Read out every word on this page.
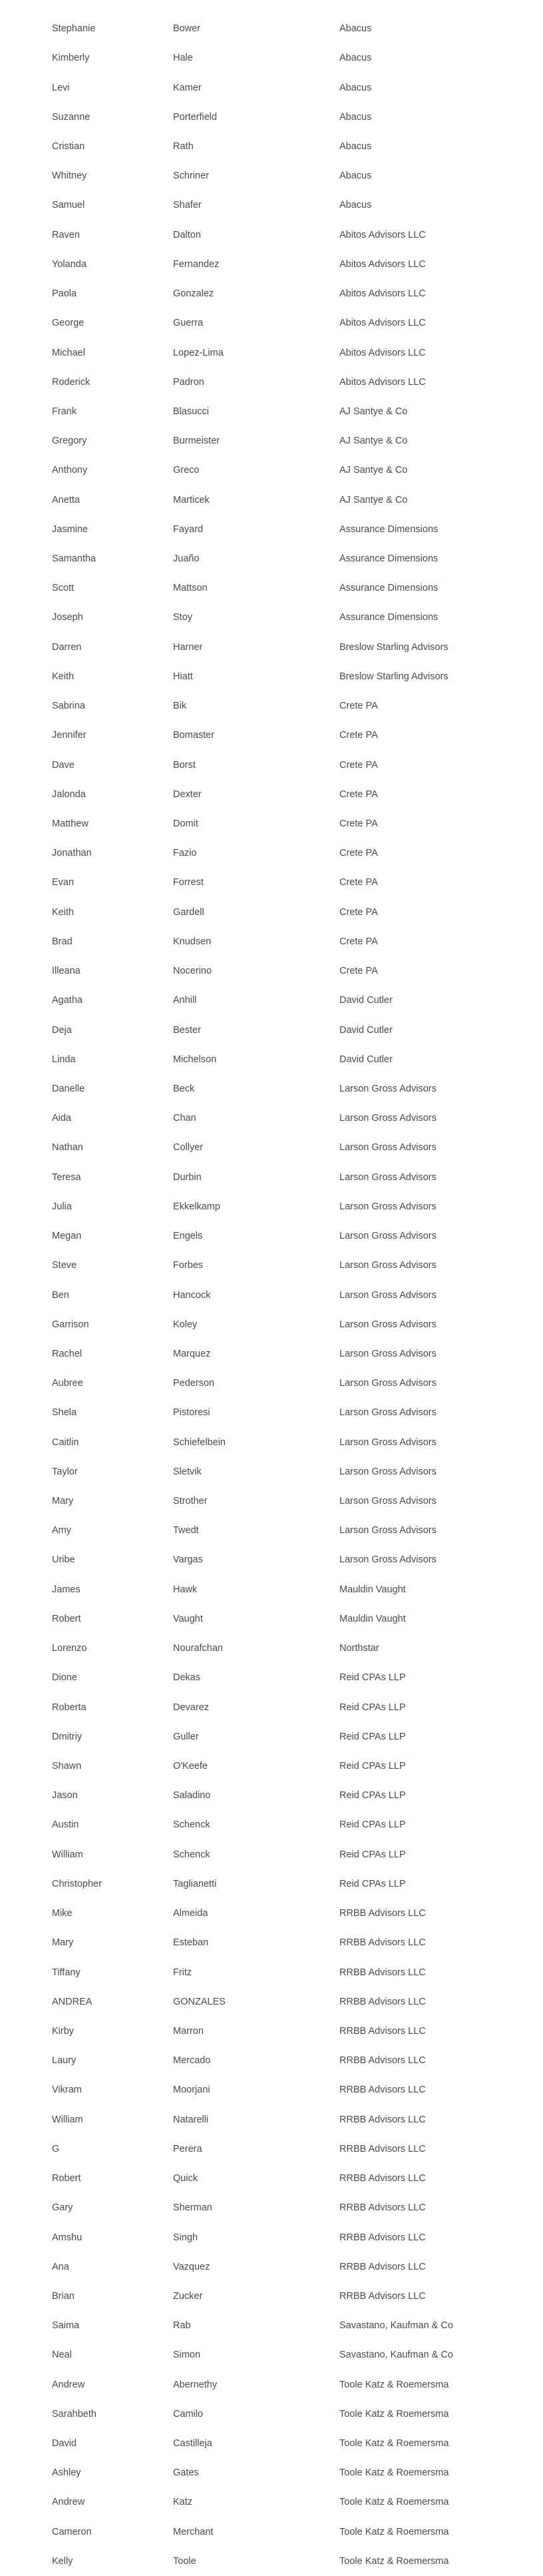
Stephanie	Bower	Abacus
Kimberly	Hale	Abacus
Levi	Kamer	Abacus
Suzanne	Porterfield	Abacus
Cristian	Rath	Abacus
Whitney	Schriner	Abacus
Samuel	Shafer	Abacus
Raven	Dalton	Abitos Advisors LLC
Yolanda	Fernandez	Abitos Advisors LLC
Paola	Gonzalez	Abitos Advisors LLC
George	Guerra	Abitos Advisors LLC
Michael	Lopez-Lima	Abitos Advisors LLC
Roderick	Padron	Abitos Advisors LLC
Frank	Blasucci	AJ Santye & Co
Gregory	Burmeister	AJ Santye & Co
Anthony	Greco	AJ Santye & Co
Anetta	Marticek	AJ Santye & Co
Jasmine	Fayard	Assurance Dimensions
Samantha	Juaño	Assurance Dimensions
Scott	Mattson	Assurance Dimensions
Joseph	Stoy	Assurance Dimensions
Darren	Harner	Breslow Starling Advisors
Keith	Hiatt	Breslow Starling Advisors
Sabrina	Bik	Crete PA
Jennifer	Bomaster	Crete PA
Dave	Borst	Crete PA
Jalonda	Dexter	Crete PA
Matthew	Domit	Crete PA
Jonathan	Fazio	Crete PA
Evan	Forrest	Crete PA
Keith	Gardell	Crete PA
Brad	Knudsen	Crete PA
Illeana	Nocerino	Crete PA
Agatha	Anhill	David Cutler
Deja	Bester	David Cutler
Linda	Michelson	David Cutler
Danelle	Beck	Larson Gross Advisors
Aida	Chan	Larson Gross Advisors
Nathan	Collyer	Larson Gross Advisors
Teresa	Durbin	Larson Gross Advisors
Julia	Ekkelkamp	Larson Gross Advisors
Megan	Engels	Larson Gross Advisors
Steve	Forbes	Larson Gross Advisors
Ben	Hancock	Larson Gross Advisors
Garrison	Koley	Larson Gross Advisors
Rachel	Marquez	Larson Gross Advisors
Aubree	Pederson	Larson Gross Advisors
Shela	Pistoresi	Larson Gross Advisors
Caitlin	Schiefelbein	Larson Gross Advisors
Taylor	Sletvik	Larson Gross Advisors
Mary	Strother	Larson Gross Advisors
Amy	Twedt	Larson Gross Advisors
Uribe	Vargas	Larson Gross Advisors
James	Hawk	Mauldin Vaught
Robert	Vaught	Mauldin Vaught
Lorenzo	Nourafchan	Northstar
Dione	Dekas	Reid CPAs LLP
Roberta	Devarez	Reid CPAs LLP
Dmitriy	Guller	Reid CPAs LLP
Shawn	O'Keefe	Reid CPAs LLP
Jason	Saladino	Reid CPAs LLP
Austin	Schenck	Reid CPAs LLP
William	Schenck	Reid CPAs LLP
Christopher	Taglianetti	Reid CPAs LLP
Mike	Almeida	RRBB Advisors LLC
Mary	Esteban	RRBB Advisors LLC
Tiffany	Fritz	RRBB Advisors LLC
ANDREA	GONZALES	RRBB Advisors LLC
Kirby	Marron	RRBB Advisors LLC
Laury	Mercado	RRBB Advisors LLC
Vikram	Moorjani	RRBB Advisors LLC
William	Natarelli	RRBB Advisors LLC
G	Perera	RRBB Advisors LLC
Robert	Quick	RRBB Advisors LLC
Gary	Sherman	RRBB Advisors LLC
Amshu	Singh	RRBB Advisors LLC
Ana	Vazquez	RRBB Advisors LLC
Brian	Zucker	RRBB Advisors LLC
Saima	Rab	Savastano, Kaufman & Co
Neal	Simon	Savastano, Kaufman & Co
Andrew	Abernethy	Toole Katz & Roemersma
Sarahbeth	Camilo	Toole Katz & Roemersma
David	Castilleja	Toole Katz & Roemersma
Ashley	Gates	Toole Katz & Roemersma
Andrew	Katz	Toole Katz & Roemersma
Cameron	Merchant	Toole Katz & Roemersma
Kelly	Toole	Toole Katz & Roemersma
